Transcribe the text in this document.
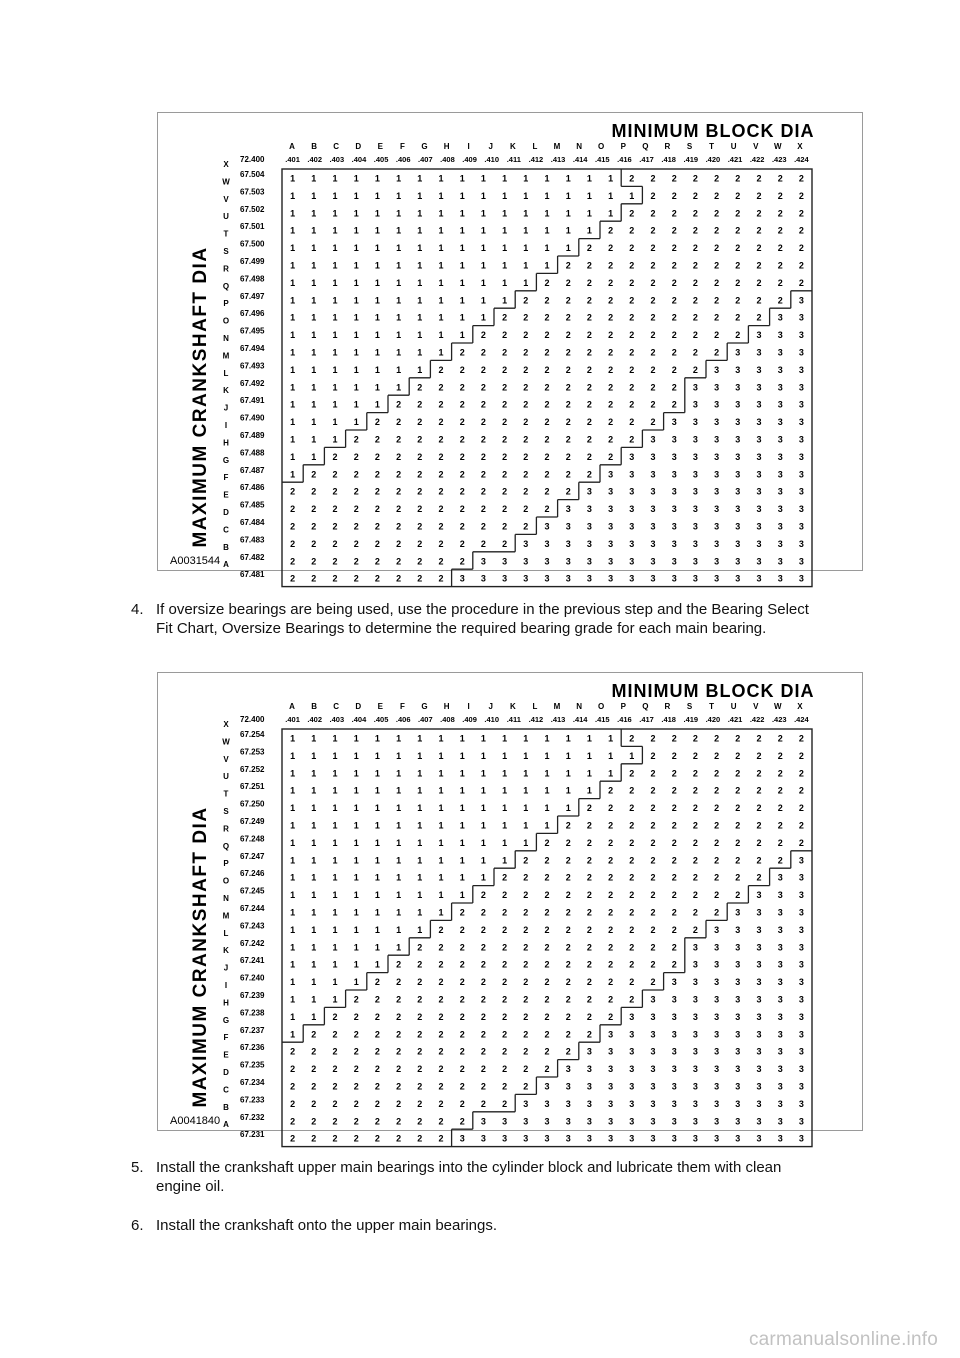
MINIMUM BLOCK DIA
MAXIMUM CRANKSHAFT DIA
A0031544
72.400
A B C D E F G H I J K L M N O P Q R S T U V W X
.401 .402 .403 .404 .405 .406 .407 .408 .409 .410 .411 .412 .413 .414 .415 .416 .417 .418 .419 .420 .421 .422 .423 .424
X
W
V
U
T
S
R
Q
P
O
N
M
L
K
J
I
H
G
F
E
D
C
B
A
67.504
67.503
67.502
67.501
67.500
67.499
67.498
67.497
67.496
67.495
67.494
67.493
67.492
67.491
67.490
67.489
67.488
67.487
67.486
67.485
67.484
67.483
67.482
67.481
1 1 1 1 1 1 1 1 1 1 1 1 1 1 1 1 2 2 2 2 2 2 2 2 2
1 1 1 1 1 1 1 1 1 1 1 1 1 1 1 1 1 2 2 2 2 2 2 2 2
1 1 1 1 1 1 1 1 1 1 1 1 1 1 1 1 2 2 2 2 2 2 2 2 2
1 1 1 1 1 1 1 1 1 1 1 1 1 1 1 2 2 2 2 2 2 2 2 2 2
1 1 1 1 1 1 1 1 1 1 1 1 1 1 2 2 2 2 2 2 2 2 2 2 2
1 1 1 1 1 1 1 1 1 1 1 1 1 2 2 2 2 2 2 2 2 2 2 2 2
1 1 1 1 1 1 1 1 1 1 1 1 2 2 2 2 2 2 2 2 2 2 2 2 2
1 1 1 1 1 1 1 1 1 1 1 2 2 2 2 2 2 2 2 2 2 2 2 2 3
1 1 1 1 1 1 1 1 1 1 2 2 2 2 2 2 2 2 2 2 2 2 2 3 3
1 1 1 1 1 1 1 1 1 2 2 2 2 2 2 2 2 2 2 2 2 2 3 3 3
1 1 1 1 1 1 1 1 2 2 2 2 2 2 2 2 2 2 2 2 2 3 3 3 3
1 1 1 1 1 1 1 2 2 2 2 2 2 2 2 2 2 2 2 2 3 3 3 3 3
1 1 1 1 1 1 2 2 2 2 2 2 2 2 2 2 2 2 2 3 3 3 3 3 3
1 1 1 1 1 2 2 2 2 2 2 2 2 2 2 2 2 2 2 3 3 3 3 3 3
1 1 1 1 2 2 2 2 2 2 2 2 2 2 2 2 2 2 3 3 3 3 3 3 3
1 1 1 2 2 2 2 2 2 2 2 2 2 2 2 2 2 3 3 3 3 3 3 3 3
1 1 2 2 2 2 2 2 2 2 2 2 2 2 2 2 3 3 3 3 3 3 3 3 3
1 2 2 2 2 2 2 2 2 2 2 2 2 2 2 3 3 3 3 3 3 3 3 3 3
2 2 2 2 2 2 2 2 2 2 2 2 2 2 3 3 3 3 3 3 3 3 3 3 3
2 2 2 2 2 2 2 2 2 2 2 2 2 3 3 3 3 3 3 3 3 3 3 3 3
2 2 2 2 2 2 2 2 2 2 2 2 3 3 3 3 3 3 3 3 3 3 3 3 3
2 2 2 2 2 2 2 2 2 2 2 3 3 3 3 3 3 3 3 3 3 3 3 3 3
2 2 2 2 2 2 2 2 2 3 3 3 3 3 3 3 3 3 3 3 3 3 3 3 3
2 2 2 2 2 2 2 2 3 3 3 3 3 3 3 3 3 3 3 3 3 3 3 3 3
4. If oversize bearings are being used, use the procedure in the previous step and the Bearing Select Fit Chart, Oversize Bearings to determine the required bearing grade for each main bearing.
MINIMUM BLOCK DIA
MAXIMUM CRANKSHAFT DIA
A0041840
72.400
A B C D E F G H I J K L M N O P Q R S T U V W X
.401 .402 .403 .404 .405 .406 .407 .408 .409 .410 .411 .412 .413 .414 .415 .416 .417 .418 .419 .420 .421 .422 .423 .424
X
W
V
U
T
S
R
Q
P
O
N
M
L
K
J
I
H
G
F
E
D
C
B
A
67.254
67.253
67.252
67.251
67.250
67.249
67.248
67.247
67.246
67.245
67.244
67.243
67.242
67.241
67.240
67.239
67.238
67.237
67.236
67.235
67.234
67.233
67.232
67.231
1 1 1 1 1 1 1 1 1 1 1 1 1 1 1 1 2 2 2 2 2 2 2 2 2
1 1 1 1 1 1 1 1 1 1 1 1 1 1 1 1 1 2 2 2 2 2 2 2 2
1 1 1 1 1 1 1 1 1 1 1 1 1 1 1 1 2 2 2 2 2 2 2 2 2
1 1 1 1 1 1 1 1 1 1 1 1 1 1 1 2 2 2 2 2 2 2 2 2 2
1 1 1 1 1 1 1 1 1 1 1 1 1 1 2 2 2 2 2 2 2 2 2 2 2
1 1 1 1 1 1 1 1 1 1 1 1 1 2 2 2 2 2 2 2 2 2 2 2 2
1 1 1 1 1 1 1 1 1 1 1 1 2 2 2 2 2 2 2 2 2 2 2 2 2
1 1 1 1 1 1 1 1 1 1 1 2 2 2 2 2 2 2 2 2 2 2 2 2 3
1 1 1 1 1 1 1 1 1 1 2 2 2 2 2 2 2 2 2 2 2 2 2 3 3
1 1 1 1 1 1 1 1 1 2 2 2 2 2 2 2 2 2 2 2 2 2 3 3 3
1 1 1 1 1 1 1 1 2 2 2 2 2 2 2 2 2 2 2 2 2 3 3 3 3
1 1 1 1 1 1 1 2 2 2 2 2 2 2 2 2 2 2 2 2 3 3 3 3 3
1 1 1 1 1 1 2 2 2 2 2 2 2 2 2 2 2 2 2 3 3 3 3 3 3
1 1 1 1 1 2 2 2 2 2 2 2 2 2 2 2 2 2 2 3 3 3 3 3 3
1 1 1 1 2 2 2 2 2 2 2 2 2 2 2 2 2 2 3 3 3 3 3 3 3
1 1 1 2 2 2 2 2 2 2 2 2 2 2 2 2 2 3 3 3 3 3 3 3 3
1 1 2 2 2 2 2 2 2 2 2 2 2 2 2 2 3 3 3 3 3 3 3 3 3
1 2 2 2 2 2 2 2 2 2 2 2 2 2 2 3 3 3 3 3 3 3 3 3 3
2 2 2 2 2 2 2 2 2 2 2 2 2 2 3 3 3 3 3 3 3 3 3 3 3
2 2 2 2 2 2 2 2 2 2 2 2 2 3 3 3 3 3 3 3 3 3 3 3 3
2 2 2 2 2 2 2 2 2 2 2 2 3 3 3 3 3 3 3 3 3 3 3 3 3
2 2 2 2 2 2 2 2 2 2 2 3 3 3 3 3 3 3 3 3 3 3 3 3 3
2 2 2 2 2 2 2 2 2 3 3 3 3 3 3 3 3 3 3 3 3 3 3 3 3
2 2 2 2 2 2 2 2 3 3 3 3 3 3 3 3 3 3 3 3 3 3 3 3 3
5. Install the crankshaft upper main bearings into the cylinder block and lubricate them with clean engine oil.
6. Install the crankshaft onto the upper main bearings.
carmanualsonline.info
